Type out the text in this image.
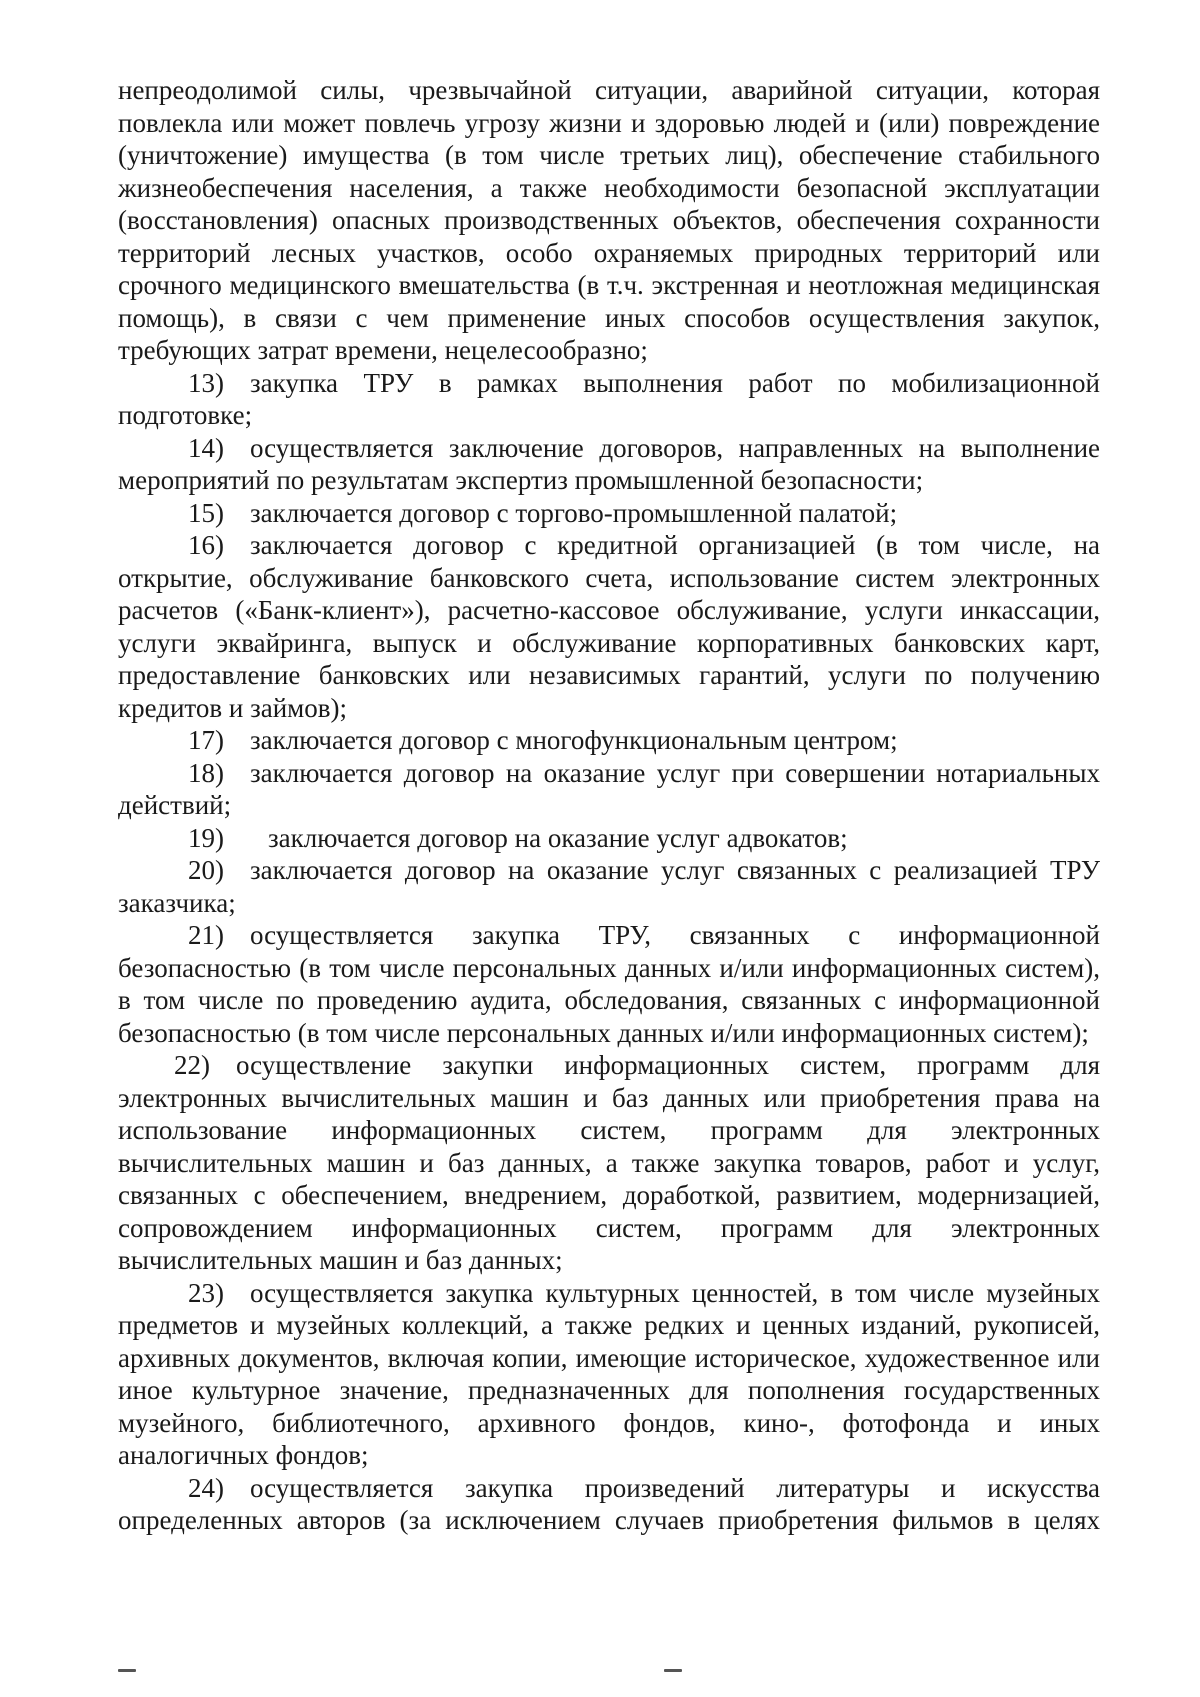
непреодолимой силы, чрезвычайной ситуации, аварийной ситуации, которая повлекла или может повлечь угрозу жизни и здоровью людей и (или) повреждение (уничтожение) имущества (в том числе третьих лиц), обеспечение стабильного жизнеобеспечения населения, а также необходимости безопасной эксплуатации (восстановления) опасных производственных объектов, обеспечения сохранности территорий лесных участков, особо охраняемых природных территорий или срочного медицинского вмешательства (в т.ч. экстренная и неотложная медицинская помощь), в связи с чем применение иных способов осуществления закупок, требующих затрат времени, нецелесообразно;

13) закупка ТРУ в рамках выполнения работ по мобилизационной подготовке;

14) осуществляется заключение договоров, направленных на выполнение мероприятий по результатам экспертиз промышленной безопасности;

15) заключается договор с торгово-промышленной палатой;

16) заключается договор с кредитной организацией (в том числе, на открытие, обслуживание банковского счета, использование систем электронных расчетов («Банк-клиент»), расчетно-кассовое обслуживание, услуги инкассации, услуги эквайринга, выпуск и обслуживание корпоративных банковских карт, предоставление банковских или независимых гарантий, услуги по получению кредитов и займов);

17) заключается договор с многофункциональным центром;

18) заключается договор на оказание услуг при совершении нотариальных действий;

19) заключается договор на оказание услуг адвокатов;

20) заключается договор на оказание услуг связанных с реализацией ТРУ заказчика;

21) осуществляется закупка ТРУ, связанных с информационной безопасностью (в том числе персональных данных и/или информационных систем), в том числе по проведению аудита, обследования, связанных с информационной безопасностью (в том числе персональных данных и/или информационных систем);

22) осуществление закупки информационных систем, программ для электронных вычислительных машин и баз данных или приобретения права на использование информационных систем, программ для электронных вычислительных машин и баз данных, а также закупка товаров, работ и услуг, связанных с обеспечением, внедрением, доработкой, развитием, модернизацией, сопровождением информационных систем, программ для электронных вычислительных машин и баз данных;

23) осуществляется закупка культурных ценностей, в том числе музейных предметов и музейных коллекций, а также редких и ценных изданий, рукописей, архивных документов, включая копии, имеющие историческое, художественное или иное культурное значение, предназначенных для пополнения государственных музейного, библиотечного, архивного фондов, кино-, фотофонда и иных аналогичных фондов;

24) осуществляется закупка произведений литературы и искусства определенных авторов (за исключением случаев приобретения фильмов в целях
